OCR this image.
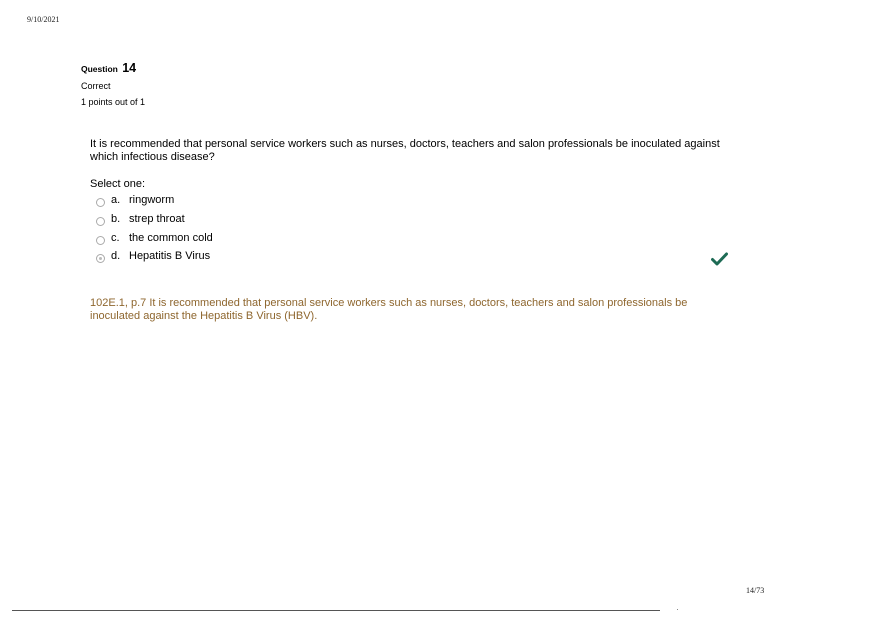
9/10/2021
Question 14
Correct
1 points out of 1
It is recommended that personal service workers such as nurses, doctors, teachers and salon professionals be inoculated against which infectious disease?
Select one:
a. ringworm
b. strep throat
c. the common cold
d. Hepatitis B Virus
102E.1, p.7 It is recommended that personal service workers such as nurses, doctors, teachers and salon professionals be inoculated against the Hepatitis B Virus (HBV).
14/73
